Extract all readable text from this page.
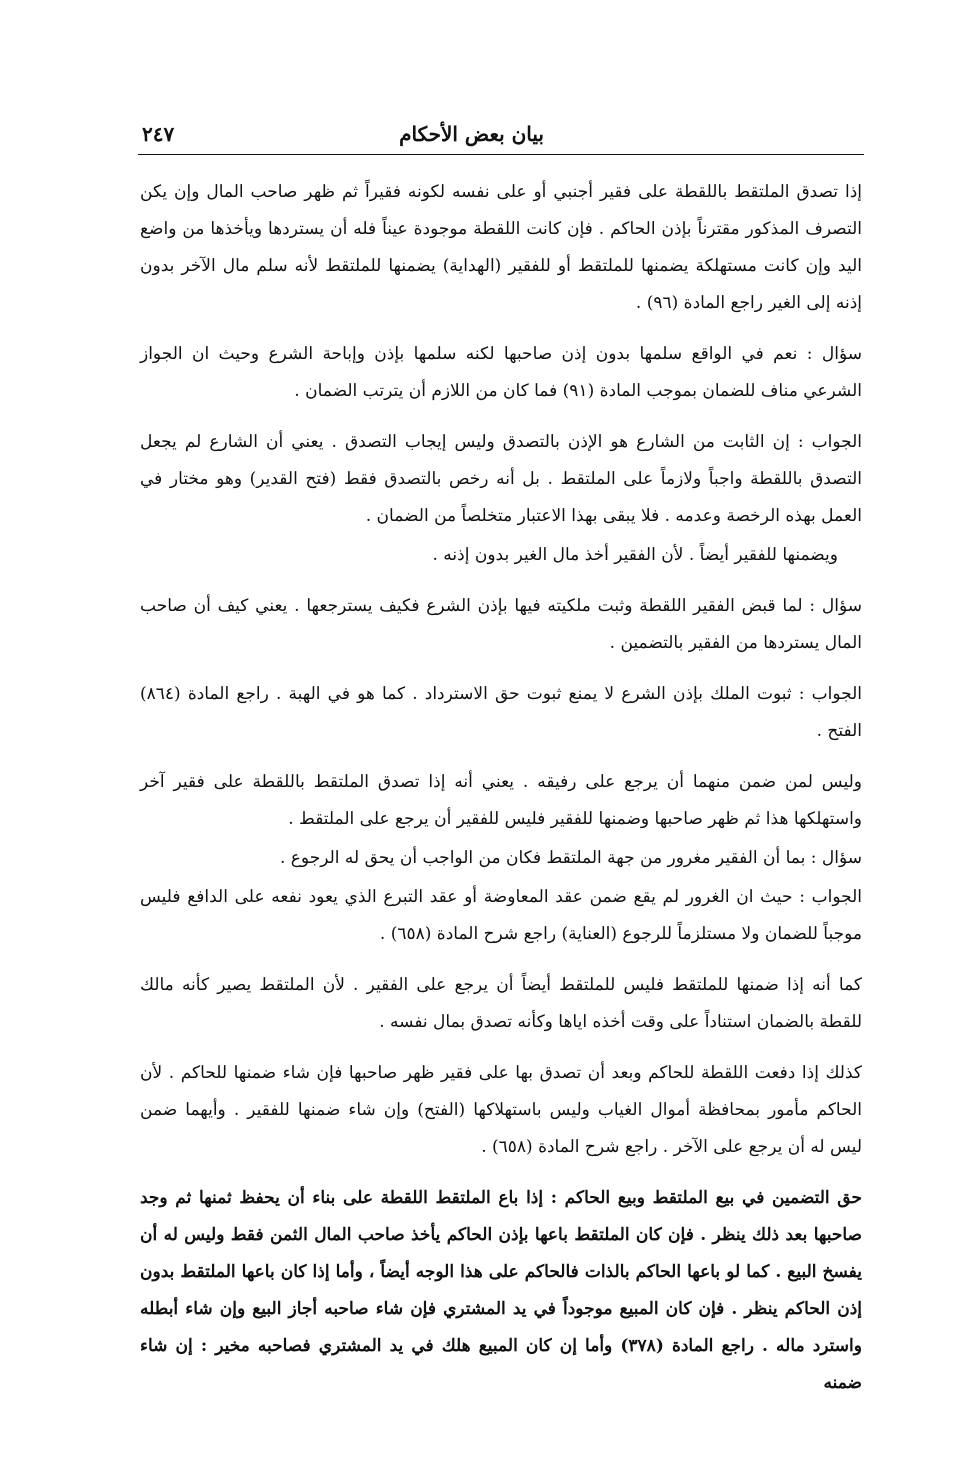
بيان بعض الأحكام
٢٤٧

إذا تصدق الملتقط باللقطة على فقير أجنبي أو على نفسه لكونه فقيراً ثم ظهر صاحب المال وإن يكن التصرف المذكور مقترناً بإذن الحاكم . فإن كانت اللقطة موجودة عيناً فله أن يستردها ويأخذها من واضع اليد وإن كانت مستهلكة يضمنها للملتقط أو للفقير (الهداية) يضمنها للملتقط لأنه سلم مال الآخر بدون إذنه إلى الغير راجع المادة (٩٦) .

سؤال : نعم في الواقع سلمها بدون إذن صاحبها لكنه سلمها بإذن وإباحة الشرع وحيث ان الجواز الشرعي مناف للضمان بموجب المادة (٩١) فما كان من اللازم أن يترتب الضمان .

الجواب : إن الثابت من الشارع هو الإذن بالتصدق وليس إيجاب التصدق . يعني أن الشارع لم يجعل التصدق باللقطة واجباً ولازماً على الملتقط . بل أنه رخص بالتصدق فقط (فتح القدير) وهو مختار في العمل بهذه الرخصة وعدمه . فلا يبقى بهذا الاعتبار متخلصاً من الضمان .

ويضمنها للفقير أيضاً . لأن الفقير أخذ مال الغير بدون إذنه .

سؤال : لما قبض الفقير اللقطة وثبت ملكيته فيها بإذن الشرع فكيف يسترجعها . يعني كيف أن صاحب المال يستردها من الفقير بالتضمين .

الجواب : ثبوت الملك بإذن الشرع لا يمنع ثبوت حق الاسترداد . كما هو في الهبة . راجع المادة (٨٦٤) الفتح .

وليس لمن ضمن منهما أن يرجع على رفيقه . يعني أنه إذا تصدق الملتقط باللقطة على فقير آخر واستهلكها هذا ثم ظهر صاحبها وضمنها للفقير فليس للفقير أن يرجع على الملتقط .

سؤال : بما أن الفقير مغرور من جهة الملتقط فكان من الواجب أن يحق له الرجوع .

الجواب : حيث ان الغرور لم يقع ضمن عقد المعاوضة أو عقد التبرع الذي يعود نفعه على الدافع فليس موجباً للضمان ولا مستلزماً للرجوع (العناية) راجع شرح المادة (٦٥٨) .

كما أنه إذا ضمنها للملتقط فليس للملتقط أيضاً أن يرجع على الفقير . لأن الملتقط يصير كأنه مالك للقطة بالضمان استناداً على وقت أخذه اياها وكأنه تصدق بمال نفسه .

كذلك إذا دفعت اللقطة للحاكم وبعد أن تصدق بها على فقير ظهر صاحبها فإن شاء ضمنها للحاكم . لأن الحاكم مأمور بمحافظة أموال الغياب وليس باستهلاكها (الفتح) وإن شاء ضمنها للفقير . وأيهما ضمن ليس له أن يرجع على الآخر . راجع شرح المادة (٦٥٨) .

حق التضمين في بيع الملتقط وبيع الحاكم : إذا باع الملتقط اللقطة على بناء أن يحفظ ثمنها ثم وجد صاحبها بعد ذلك ينظر . فإن كان الملتقط باعها بإذن الحاكم يأخذ صاحب المال الثمن فقط وليس له أن يفسخ البيع . كما لو باعها الحاكم بالذات فالحاكم على هذا الوجه أيضاً ، وأما إذا كان باعها الملتقط بدون إذن الحاكم ينظر . فإن كان المبيع موجوداً في يد المشتري فإن شاء صاحبه أجاز البيع وإن شاء أبطله واسترد ماله . راجع المادة (٣٧٨) وأما إن كان المبيع هلك في يد المشتري فصاحبه مخير : إن شاء ضمنه
